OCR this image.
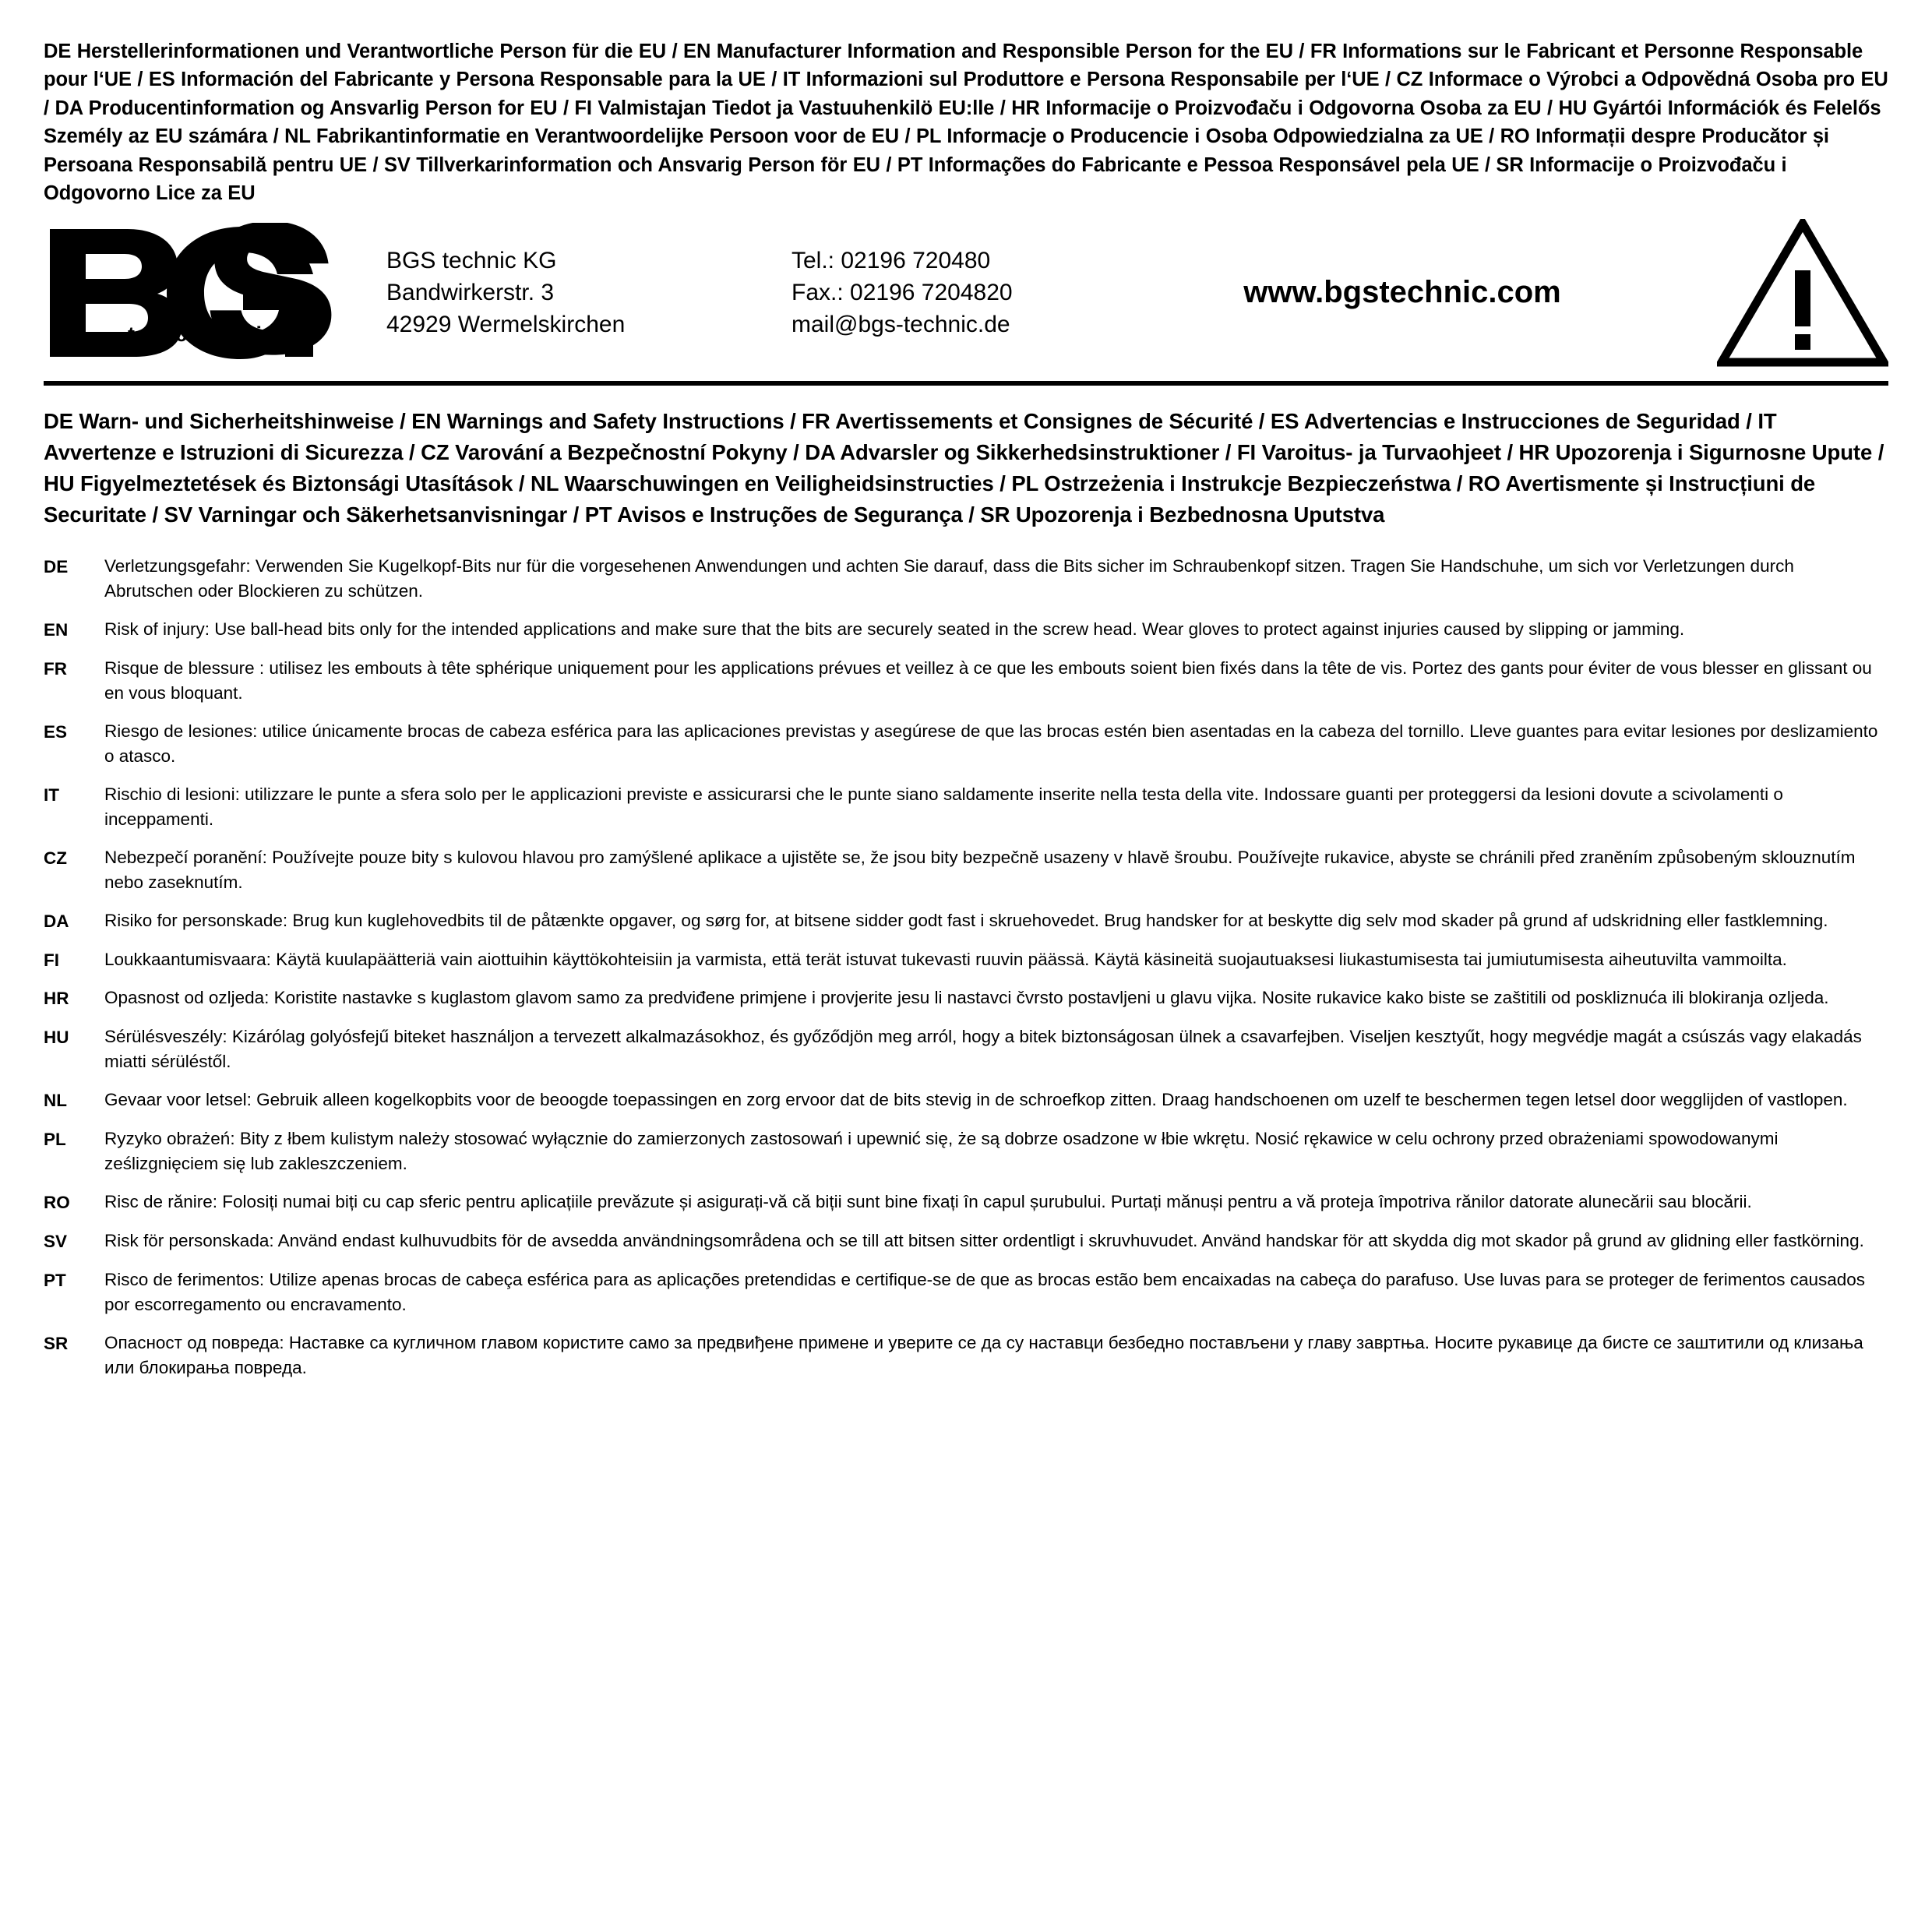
DE Herstellerinformationen und Verantwortliche Person für die EU / EN Manufacturer Information and Responsible Person for the EU / FR Informations sur le Fabricant et Personne Responsable pour l‘UE / ES Información del Fabricante y Persona Responsable para la UE / IT Informazioni sul Produttore e Persona Responsabile per l‘UE / CZ Informace o Výrobci a Odpovědná Osoba pro EU / DA Producentinformation og Ansvarlig Person for EU / FI Valmistajan Tiedot ja Vastuuhenkilö EU:lle / HR Informacije o Proizvođaču i Odgovorna Osoba za EU / HU Gyártói Információk és Felelős Személy az EU számára / NL Fabrikantinformatie en Verantwoordelijke Persoon voor de EU / PL Informacje o Producencie i Osoba Odpowiedzialna za UE / RO Informații despre Producător și Persoana Responsabilă pentru UE / SV Tillverkarinformation och Ansvarig Person för EU / PT Informações do Fabricante e Pessoa Responsável pela UE / SR Informacije o Proizvođaču i Odgovorno Lice za EU
®
t e c h n i c
BGS technic KG
Bandwirkerstr. 3
42929 Wermelskirchen
Tel.: 02196 720480
Fax.: 02196 7204820
mail@bgs-technic.de
www.bgstechnic.com
DE Warn- und Sicherheitshinweise / EN Warnings and Safety Instructions / FR Avertissements et Consignes de Sécurité / ES Advertencias e Instrucciones de Seguridad / IT Avvertenze e Istruzioni di Sicurezza / CZ Varování a Bezpečnostní Pokyny / DA Advarsler og Sikkerhedsinstruktioner / FI Varoitus- ja Turvaohjeet / HR Upozorenja i Sigurnosne Upute / HU Figyelmeztetések és Biztonsági Utasítások / NL Waarschuwingen en Veiligheidsinstructies / PL Ostrzeżenia i Instrukcje Bezpieczeństwa / RO Avertismente și Instrucțiuni de Securitate / SV Varningar och Säkerhetsanvisningar / PT Avisos e Instruções de Segurança / SR Upozorenja i Bezbednosna Uputstva
DE	Verletzungsgefahr: Verwenden Sie Kugelkopf-Bits nur für die vorgesehenen Anwendungen und achten Sie darauf, dass die Bits sicher im Schraubenkopf sitzen. Tragen Sie Handschuhe, um sich vor Verletzungen durch Abrutschen oder Blockieren zu schützen.
EN	Risk of injury: Use ball-head bits only for the intended applications and make sure that the bits are securely seated in the screw head. Wear gloves to protect against injuries caused by slipping or jamming.
FR	Risque de blessure : utilisez les embouts à tête sphérique uniquement pour les applications prévues et veillez à ce que les embouts soient bien fixés dans la tête de vis. Portez des gants pour éviter de vous blesser en glissant ou en vous bloquant.
ES	Riesgo de lesiones: utilice únicamente brocas de cabeza esférica para las aplicaciones previstas y asegúrese de que las brocas estén bien asentadas en la cabeza del tornillo. Lleve guantes para evitar lesiones por deslizamiento o atasco.
IT	Rischio di lesioni: utilizzare le punte a sfera solo per le applicazioni previste e assicurarsi che le punte siano saldamente inserite nella testa della vite. Indossare guanti per proteggersi da lesioni dovute a scivolamenti o inceppamenti.
CZ	Nebezpečí poranění: Používejte pouze bity s kulovou hlavou pro zamýšlené aplikace a ujistěte se, že jsou bity bezpečně usazeny v hlavě šroubu. Používejte rukavice, abyste se chránili před zraněním způsobeným sklouznutím nebo zaseknutím.
DA	Risiko for personskade: Brug kun kuglehovedbits til de påtænkte opgaver, og sørg for, at bitsene sidder godt fast i skruehovedet. Brug handsker for at beskytte dig selv mod skader på grund af udskridning eller fastklemning.
FI	Loukkaantumisvaara: Käytä kuulapäätteriä vain aiottuihin käyttökohteisiin ja varmista, että terät istuvat tukevasti ruuvin päässä. Käytä käsineitä suojautuaksesi liukastumisesta tai jumiutumisesta aiheutuvilta vammoilta.
HR	Opasnost od ozljeda: Koristite nastavke s kuglastom glavom samo za predviđene primjene i provjerite jesu li nastavci čvrsto postavljeni u glavu vijka. Nosite rukavice kako biste se zaštitili od poskliznuća ili blokiranja ozljeda.
HU	Sérülésveszély: Kizárólag golyósfejű biteket használjon a tervezett alkalmazásokhoz, és győződjön meg arról, hogy a bitek biztonságosan ülnek a csavarfejben. Viseljen kesztyűt, hogy megvédje magát a csúszás vagy elakadás miatti sérüléstől.
NL	Gevaar voor letsel: Gebruik alleen kogelkopbits voor de beoogde toepassingen en zorg ervoor dat de bits stevig in de schroefkop zitten. Draag handschoenen om uzelf te beschermen tegen letsel door wegglijden of vastlopen.
PL	Ryzyko obrażeń: Bity z łbem kulistym należy stosować wyłącznie do zamierzonych zastosowań i upewnić się, że są dobrze osadzone w łbie wkrętu. Nosić rękawice w celu ochrony przed obrażeniami spowodowanymi ześlizgnięciem się lub zakleszczeniem.
RO	Risc de rănire: Folosiți numai biți cu cap sferic pentru aplicațiile prevăzute și asigurați-vă că biții sunt bine fixați în capul șurubului. Purtați mănuși pentru a vă proteja împotriva rănilor datorate alunecării sau blocării.
SV	Risk för personskada: Använd endast kulhuvudbits för de avsedda användningsområdena och se till att bitsen sitter ordentligt i skruvhuvudet. Använd handskar för att skydda dig mot skador på grund av glidning eller fastkörning.
PT	Risco de ferimentos: Utilize apenas brocas de cabeça esférica para as aplicações pretendidas e certifique-se de que as brocas estão bem encaixadas na cabeça do parafuso. Use luvas para se proteger de ferimentos causados por escorregamento ou encravamento.
SR	Опасност од повреда: Наставке са кугличном главом користите само за предвиђене примене и уверите се да су наставци безбедно постављени у главу завртња. Носите рукавице да бисте се заштитили од клизања или блокирања повреда.
